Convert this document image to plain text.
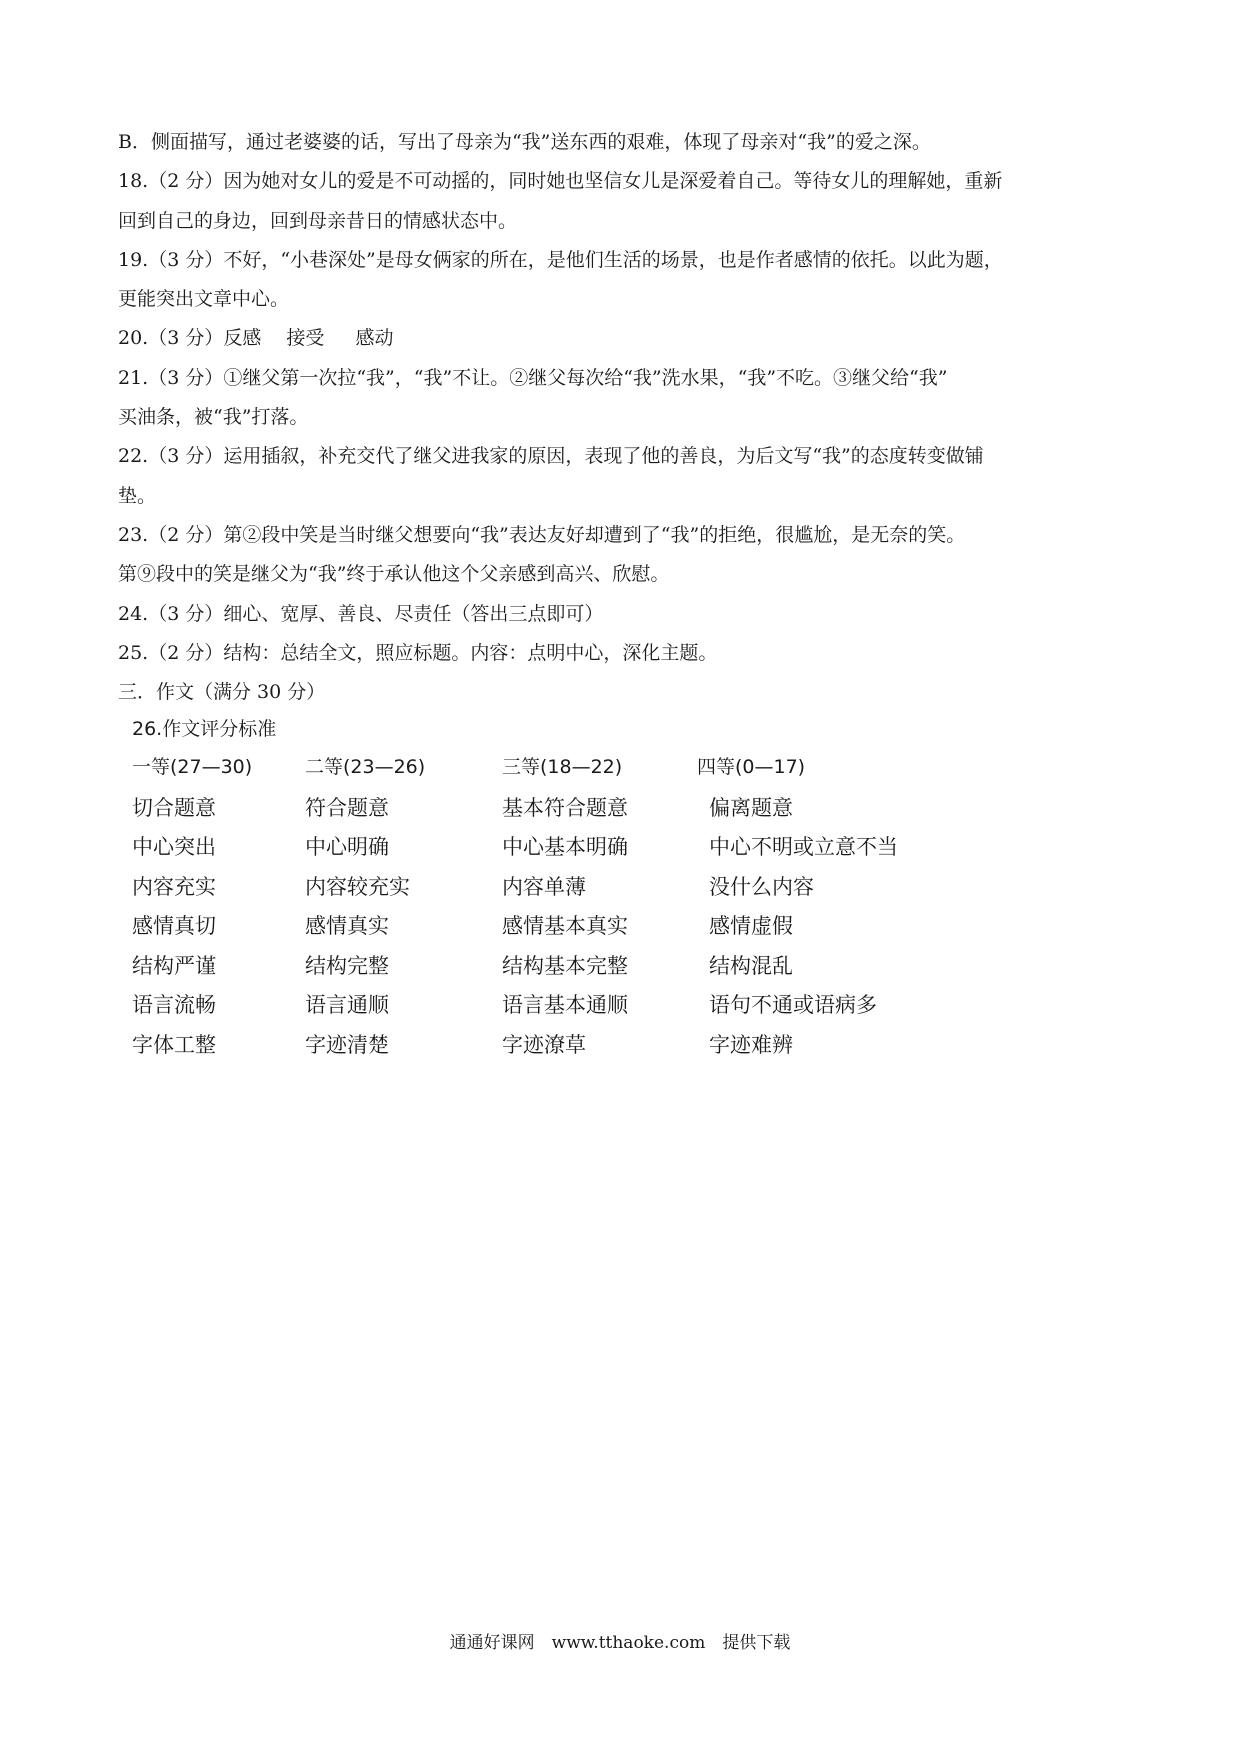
B．侧面描写，通过老婆婆的话，写出了母亲为“我”送东西的艰难，体现了母亲对“我”的爱之深。
18.（2 分）因为她对女儿的爱是不可动摇的，同时她也坚信女儿是深爱着自己。等待女儿的理解她，重新
回到自己的身边，回到母亲昔日的情感状态中。
19.（3 分）不好，“小巷深处”是母女俩家的所在，是他们生活的场景，也是作者感情的依托。以此为题，
更能突出文章中心。
20.（3 分）反感　 接受 　 感动
21.（3 分）①继父第一次拉“我”，“我”不让。②继父每次给“我”洗水果，“我”不吃。③继父给“我”
买油条，被“我”打落。
22.（3 分）运用插叙，补充交代了继父进我家的原因，表现了他的善良，为后文写“我”的态度转变做铺
垫。
23.（2 分）第②段中笑是当时继父想要向“我”表达友好却遭到了“我”的拒绝，很尴尬，是无奈的笑。
第⑨段中的笑是继父为“我”终于承认他这个父亲感到高兴、欣慰。
24.（3 分）细心、宽厚、善良、尽责任（答出三点即可）
25.（2 分）结构：总结全文，照应标题。内容：点明中心，深化主题。
三．作文（满分 30 分）
26.作文评分标准
一等(27—30)	二等(23—26)	三等(18—22)	四等(0—17)
切合题意	符合题意	基本符合题意	偏离题意
中心突出	中心明确	中心基本明确	中心不明或立意不当
内容充实	内容较充实	内容单薄	没什么内容
感情真切	感情真实	感情基本真实	感情虚假
结构严谨	结构完整	结构基本完整	结构混乱
语言流畅	语言通顺	语言基本通顺	语句不通或语病多
字体工整	字迹清楚	字迹潦草	字迹难辨
通通好课网　www.tthaoke.com　提供下载
